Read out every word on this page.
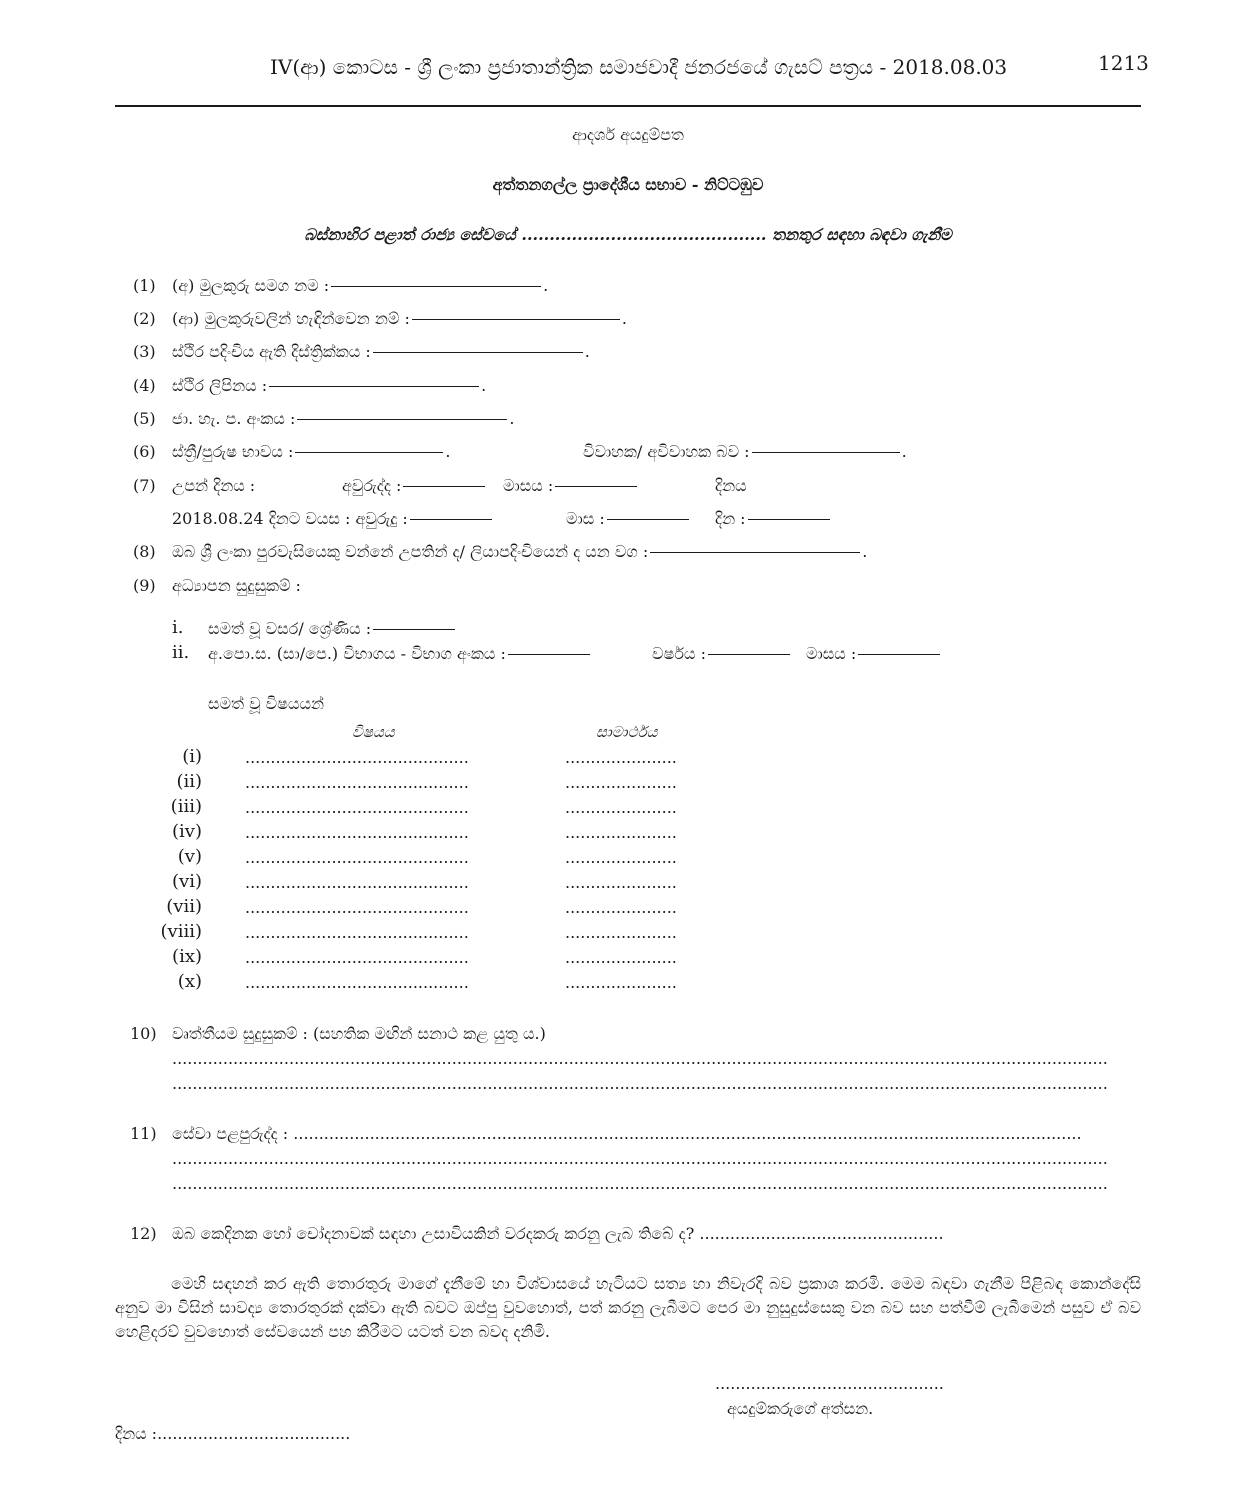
IV(ආ) කොටස - ශ්‍රී ලංකා ප්‍රජාතාන්ත්‍රික සමාජවාදී ජනරජයේ ගැසට් පත්‍රය - 2018.08.03	1213
ආදර්ශ අයදුම්පත
අත්තනගල්ල ප්‍රාදේශීය සභාව - නිට්ටඹුව
බස්නාහිර පළාත් රාජ්‍ය සේවයේ ............................................ තනතුර සඳහා බඳවා ගැනීම
(1) (අ) මුලකුරු සමග නම :	.
(2) (ආ) මුලකුරුවලින් හැඳින්වෙන නම් :	.
(3) ස්ථිර පදිංචිය ඇති දිස්ත්‍රික්කය :	.
(4) ස්ථිර ලිපිනය :	.
(5) ජා. හැ. ප. අංකය :	.
(6) ස්ත්‍රී/පුරුෂ භාවය :	.	විවාහක/ අවිවාහක බව :	.
(7) උපන් දිනය :	අවුරුද්ද :	මාසය :	දිනය
2018.08.24 දිනට වයස : අවුරුදු :	මාස :	දින :
(8) ඔබ ශ්‍රී ලංකා පුරවැසියෙකු වන්නේ උපතින් ද/ ලියාපදිංචියෙන් ද යන වග :	.
(9) අධ්‍යාපන සුදුසුකම් :
i. සමත් වූ වසර/ ශ්‍රේණිය :
ii. අ.පො.ස. (සා/පෙ.) විභාගය - විභාග අංකය :	වර්ෂය :	මාසය :
සමත් වූ විෂයයන්
විෂයය	සාමාර්ථය
(i)	............................................	......................
(ii)	............................................	......................
(iii)	............................................	......................
(iv)	............................................	......................
(v)	............................................	......................
(vi)	............................................	......................
(vii)	............................................	......................
(viii)	............................................	......................
(ix)	............................................	......................
(x)	............................................	......................
10) වෘත්තීයම සුදුසුකම් : (සහතික මඟින් සනාථ කළ යුතු ය.)
........................................................................................................................................................................................
........................................................................................................................................................................................
11) සේවා පළපුරුද්ද : ...........................................................................................................................................................
........................................................................................................................................................................................
........................................................................................................................................................................................
12) ඔබ කෙදිනක හෝ චෝදනාවක් සඳහා උසාවියකින් වරදකරු කරනු ලැබ තිබේ ද? ................................................
මෙහි සඳහන් කර ඇති තොරතුරු මාගේ දැනීමේ හා විශ්වාසයේ හැටියට සත්‍ය හා නිවැරදි බව ප්‍රකාශ කරමි. මෙම බඳවා ගැනීම පිළිබඳ කොන්දේසි අනුව මා විසින් සාවද්‍ය තොරතුරක් දක්වා ඇති බවට ඔප්පු වුවහොත්, පත් කරනු ලැබීමට පෙර මා නුසුදුස්සෙකු වන බව සහ පත්වීම් ලැබීමෙන් පසුව ඒ බව හෙළිදරව් වුවහොත් සේවයෙන් පහ කිරීමට යටත් වන බවද දනිමි.
.............................................
අයදුම්කරුගේ අත්සන.
දිනය :......................................
